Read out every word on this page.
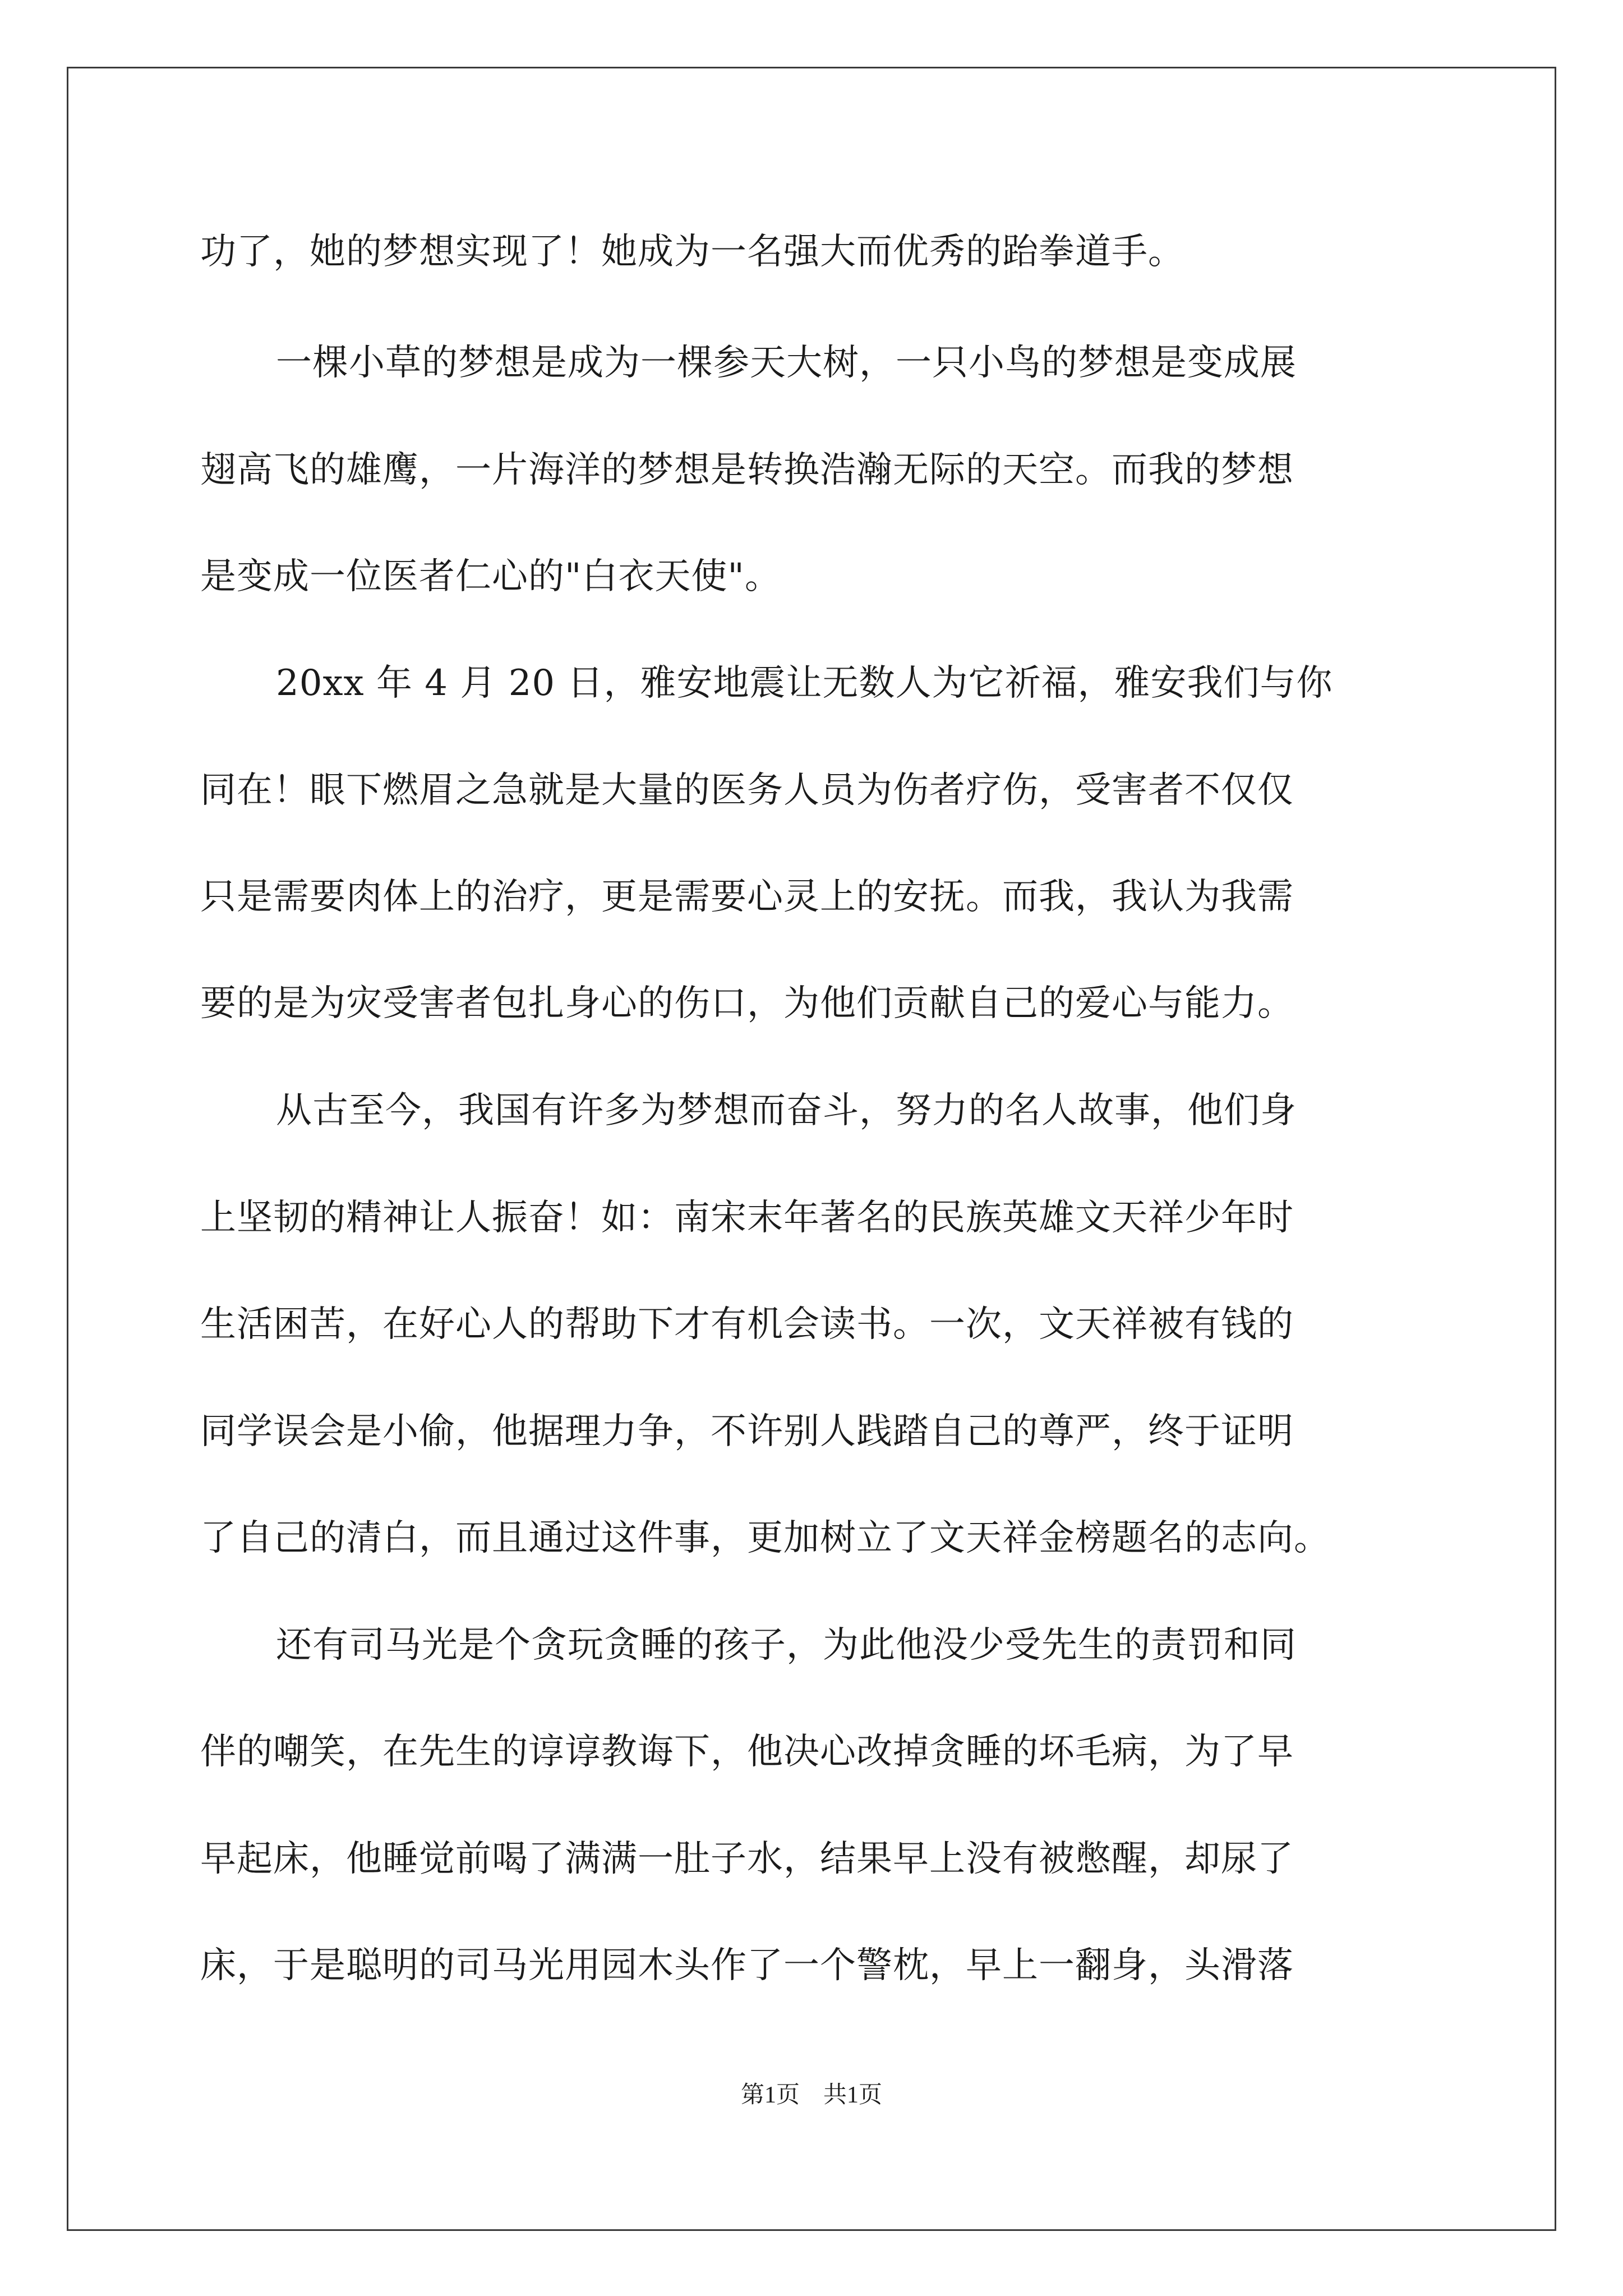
功了，她的梦想实现了！她成为一名强大而优秀的跆拳道手。
一棵小草的梦想是成为一棵参天大树，一只小鸟的梦想是变成展
翅高飞的雄鹰，一片海洋的梦想是转换浩瀚无际的天空。而我的梦想
是变成一位医者仁心的"白衣天使"。
20xx 年 4 月 20 日，雅安地震让无数人为它祈福，雅安我们与你
同在！眼下燃眉之急就是大量的医务人员为伤者疗伤，受害者不仅仅
只是需要肉体上的治疗，更是需要心灵上的安抚。而我，我认为我需
要的是为灾受害者包扎身心的伤口，为他们贡献自己的爱心与能力。
从古至今，我国有许多为梦想而奋斗，努力的名人故事，他们身
上坚韧的精神让人振奋！如：南宋末年著名的民族英雄文天祥少年时
生活困苦，在好心人的帮助下才有机会读书。一次，文天祥被有钱的
同学误会是小偷，他据理力争，不许别人践踏自己的尊严，终于证明
了自己的清白，而且通过这件事，更加树立了文天祥金榜题名的志向。
还有司马光是个贪玩贪睡的孩子，为此他没少受先生的责罚和同
伴的嘲笑，在先生的谆谆教诲下，他决心改掉贪睡的坏毛病，为了早
早起床，他睡觉前喝了满满一肚子水，结果早上没有被憋醒，却尿了
床，于是聪明的司马光用园木头作了一个警枕，早上一翻身，头滑落
第1页 共1页
